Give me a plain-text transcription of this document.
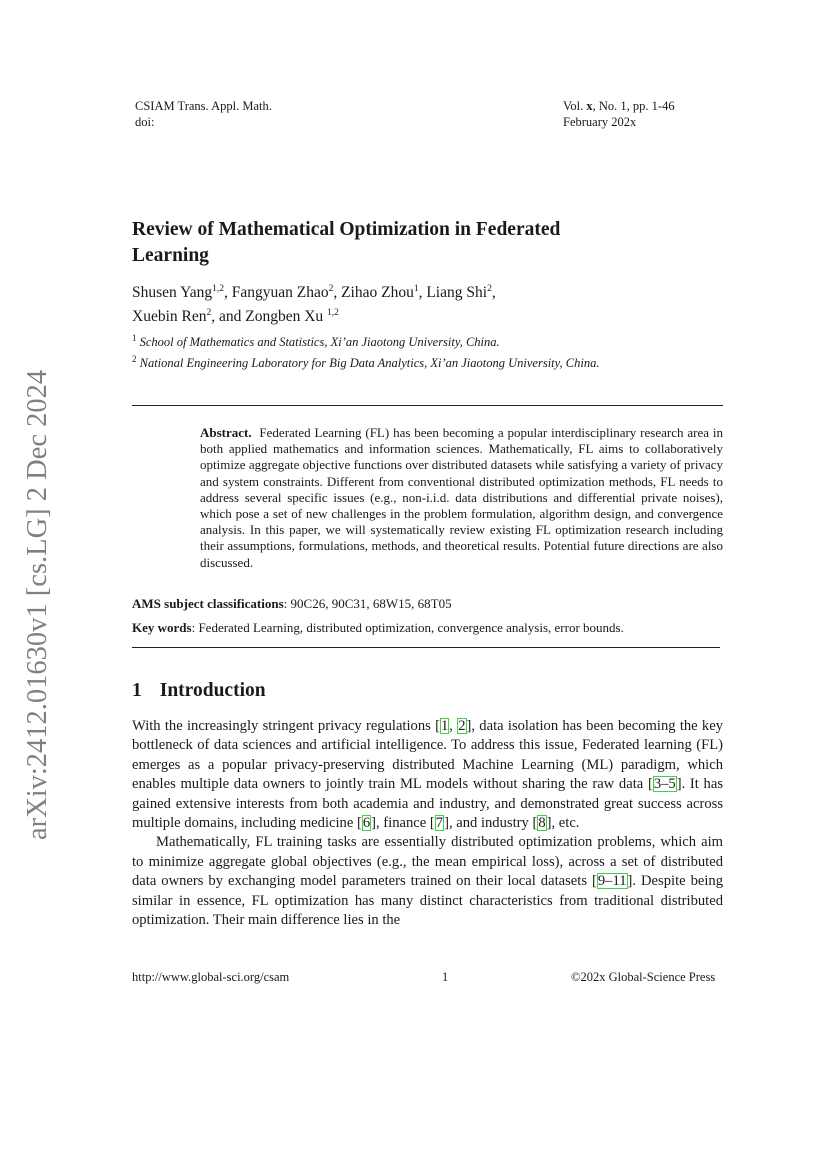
arXiv:2412.01630v1 [cs.LG] 2 Dec 2024
CSIAM Trans. Appl. Math.
doi:
Vol. x, No. 1, pp. 1-46
February 202x
Review of Mathematical Optimization in Federated
Learning
Shusen Yang$^{1,2}$, Fangyuan Zhao$^2$, Zihao Zhou$^1$, Liang Shi$^2$,
Xuebin Ren$^2$, and Zongben Xu $^{1,2}$
$^1$ School of Mathematics and Statistics, Xi’an Jiaotong University, China.
$^2$ National Engineering Laboratory for Big Data Analytics, Xi’an Jiaotong University, China.
Abstract. Federated Learning (FL) has been becoming a popular interdisciplinary research area in both applied mathematics and information sciences. Mathematically, FL aims to collaboratively optimize aggregate objective functions over distributed datasets while satisfying a variety of privacy and system constraints. Different from conventional distributed optimization methods, FL needs to address several specific issues (e.g., non-i.i.d. data distributions and differential private noises), which pose a set of new challenges in the problem formulation, algorithm design, and convergence analysis. In this paper, we will systematically review existing FL optimization research including their assumptions, formulations, methods, and theoretical results. Potential future directions are also discussed.
AMS subject classifications: 90C26, 90C31, 68W15, 68T05
Key words: Federated Learning, distributed optimization, convergence analysis, error bounds.
1 Introduction

With the increasingly stringent privacy regulations [1, 2], data isolation has been becoming the key bottleneck of data sciences and artificial intelligence. To address this issue, Federated learning (FL) emerges as a popular privacy-preserving distributed Machine Learning (ML) paradigm, which enables multiple data owners to jointly train ML models without sharing the raw data [3–5]. It has gained extensive interests from both academia and industry, and demonstrated great success across multiple domains, including medicine [6], finance [7], and industry [8], etc.

Mathematically, FL training tasks are essentially distributed optimization problems, which aim to minimize aggregate global objectives (e.g., the mean empirical loss), across a set of distributed data owners by exchanging model parameters trained on their local datasets [9–11]. Despite being similar in essence, FL optimization has many distinct characteristics from traditional distributed optimization. Their main difference lies in the

http://www.global-sci.org/csam	1	©202x Global-Science Press
